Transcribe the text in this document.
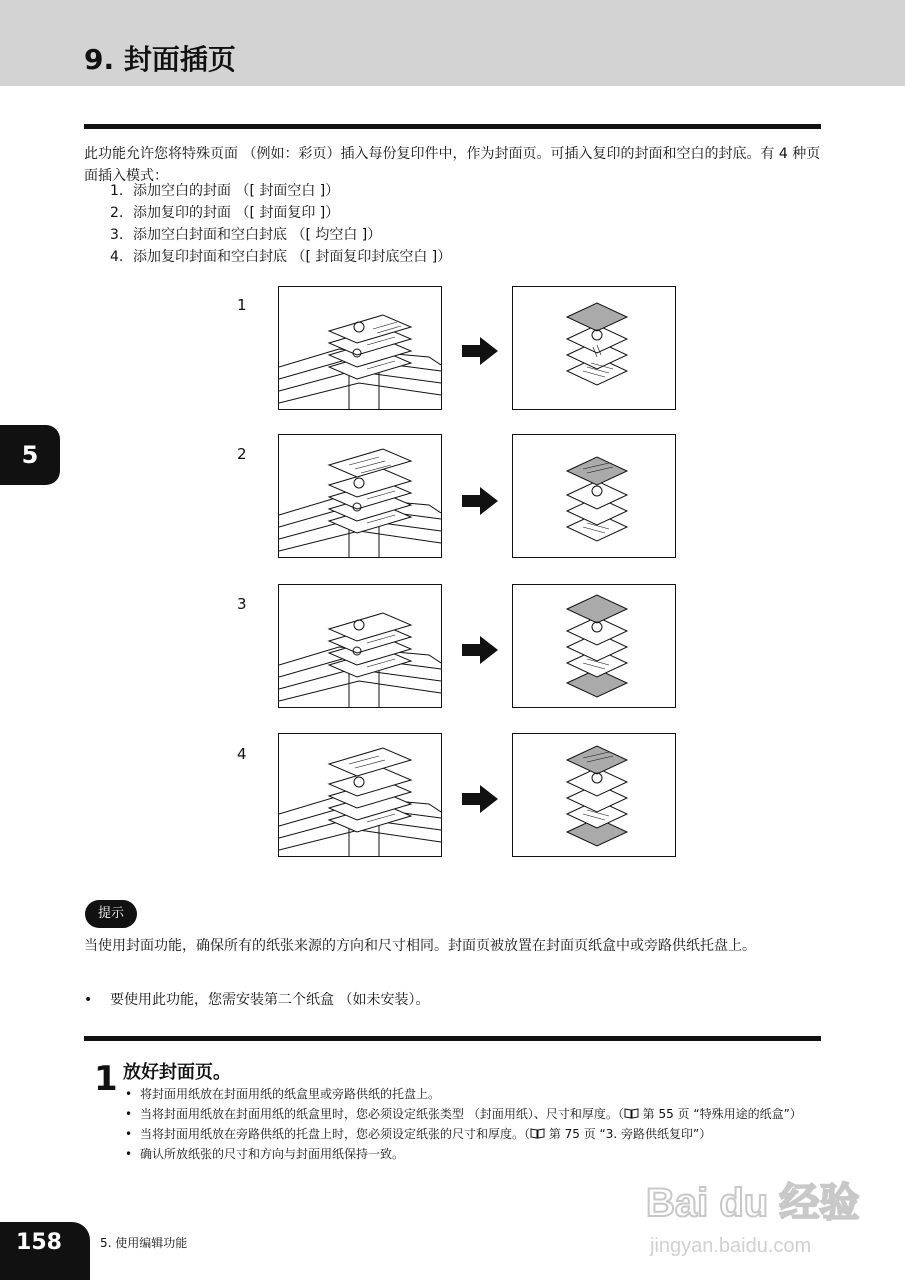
9. 封面插页

此功能允许您将特殊页面 （例如：彩页）插入每份复印件中，作为封面页。可插入复印的封面和空白的封底。有 4 种页面插入模式：

1. 添加空白的封面 （[ 封面空白 ]）
2. 添加复印的封面 （[ 封面复印 ]）
3. 添加空白封面和空白封底 （[ 均空白 ]）
4. 添加复印封面和空白封底 （[ 封面复印封底空白 ]）
5
1
2
3
4
提示

当使用封面功能，确保所有的纸张来源的方向和尺寸相同。封面页被放置在封面页纸盒中或旁路供纸托盘上。

• 要使用此功能，您需安装第二个纸盒 （如未安装）。
1 放好封面页。
• 将封面用纸放在封面用纸的纸盒里或旁路供纸的托盘上。
• 当将封面用纸放在封面用纸的纸盒里时，您必须设定纸张类型 （封面用纸）、尺寸和厚度。（ 第 55 页 “特殊用途的纸盒”）
• 当将封面用纸放在旁路供纸的托盘上时，您必须设定纸张的尺寸和厚度。（ 第 75 页 “3. 旁路供纸复印”）
• 确认所放纸张的尺寸和方向与封面用纸保持一致。
158	5. 使用编辑功能
Bai du 经验
jingyan.baidu.com
